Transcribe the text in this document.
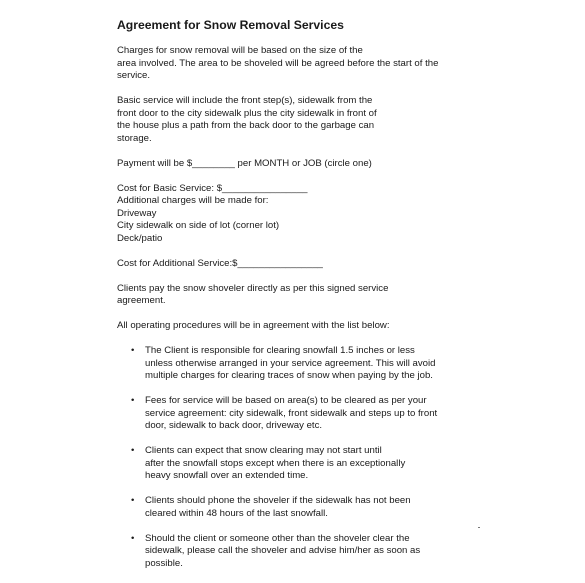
Agreement for Snow Removal Services
Charges for snow removal will be based on the size of the
area involved. The area to be shoveled will be agreed before the start of the
service.
Basic service will include the front step(s), sidewalk from the
front door to the city sidewalk plus the city sidewalk in front of
the house plus a path from the back door to the garbage can
storage.
Payment will be $________ per MONTH or JOB (circle one)
Cost for Basic Service: $________________
Additional charges will be made for:
Driveway
City sidewalk on side of lot (corner lot)
Deck/patio
Cost for Additional Service:$________________
Clients pay the snow shoveler directly as per this signed service
agreement.
All operating procedures will be in agreement with the list below:
• The Client is responsible for clearing snowfall 1.5 inches or less
unless otherwise arranged in your service agreement. This will avoid
multiple charges for clearing traces of snow when paying by the job.
• Fees for service will be based on area(s) to be cleared as per your
service agreement: city sidewalk, front sidewalk and steps up to front
door, sidewalk to back door, driveway etc.
• Clients can expect that snow clearing may not start until
after the snowfall stops except when there is an exceptionally
heavy snowfall over an extended time.
• Clients should phone the shoveler if the sidewalk has not been
cleared within 48 hours of the last snowfall.
• Should the client or someone other than the shoveler clear the
sidewalk, please call the shoveler and advise him/her as soon as
possible.
